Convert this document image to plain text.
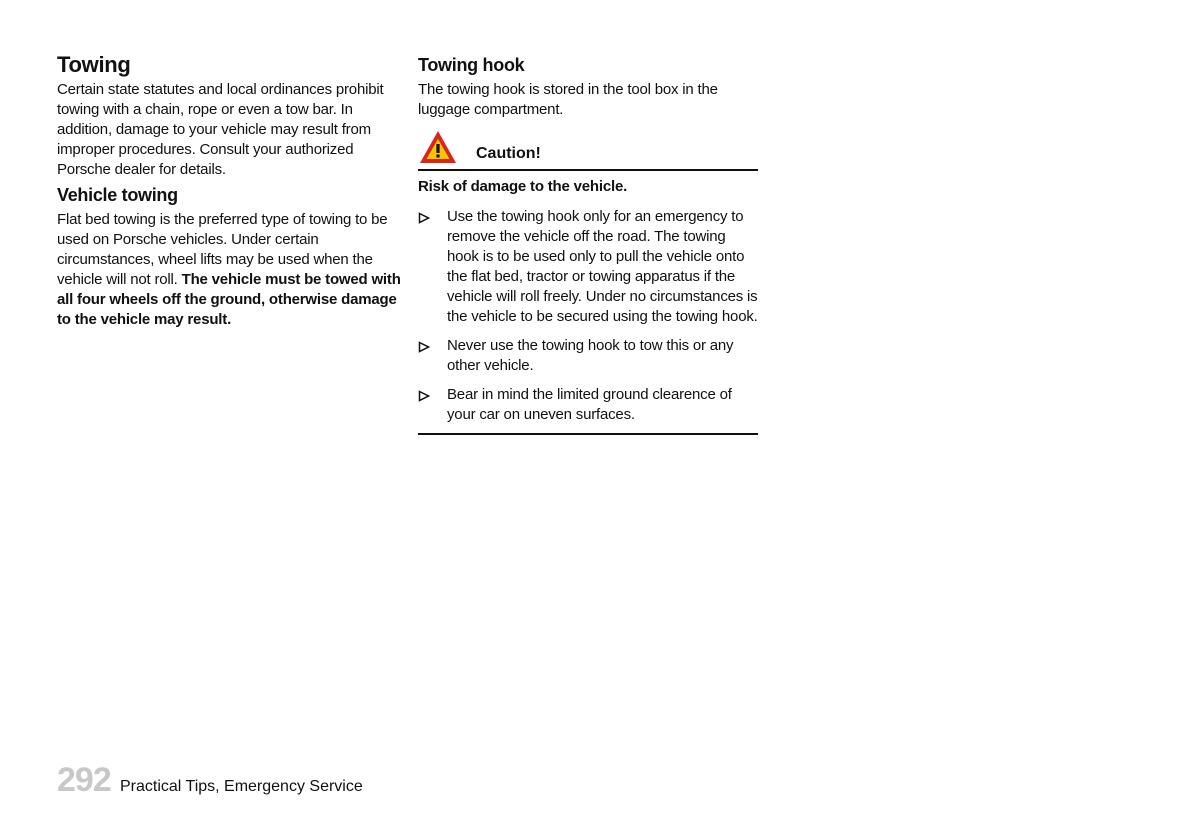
Towing

Certain state statutes and local ordinances prohibit towing with a chain, rope or even a tow bar. In addition, damage to your vehicle may result from improper procedures. Consult your authorized Porsche dealer for details.

Vehicle towing

Flat bed towing is the preferred type of towing to be used on Porsche vehicles. Under certain circumstances, wheel lifts may be used when the vehicle will not roll. The vehicle must be towed with all four wheels off the ground, otherwise damage to the vehicle may result.

Towing hook

The towing hook is stored in the tool box in the luggage compartment.

Caution!
Risk of damage to the vehicle.
Use the towing hook only for an emergency to remove the vehicle off the road. The towing hook is to be used only to pull the vehicle onto the flat bed, tractor or towing apparatus if the vehicle will roll freely. Under no circumstances is the vehicle to be secured using the towing hook.
Never use the towing hook to tow this or any other vehicle.
Bear in mind the limited ground clearence of your car on uneven surfaces.
292 Practical Tips, Emergency Service
